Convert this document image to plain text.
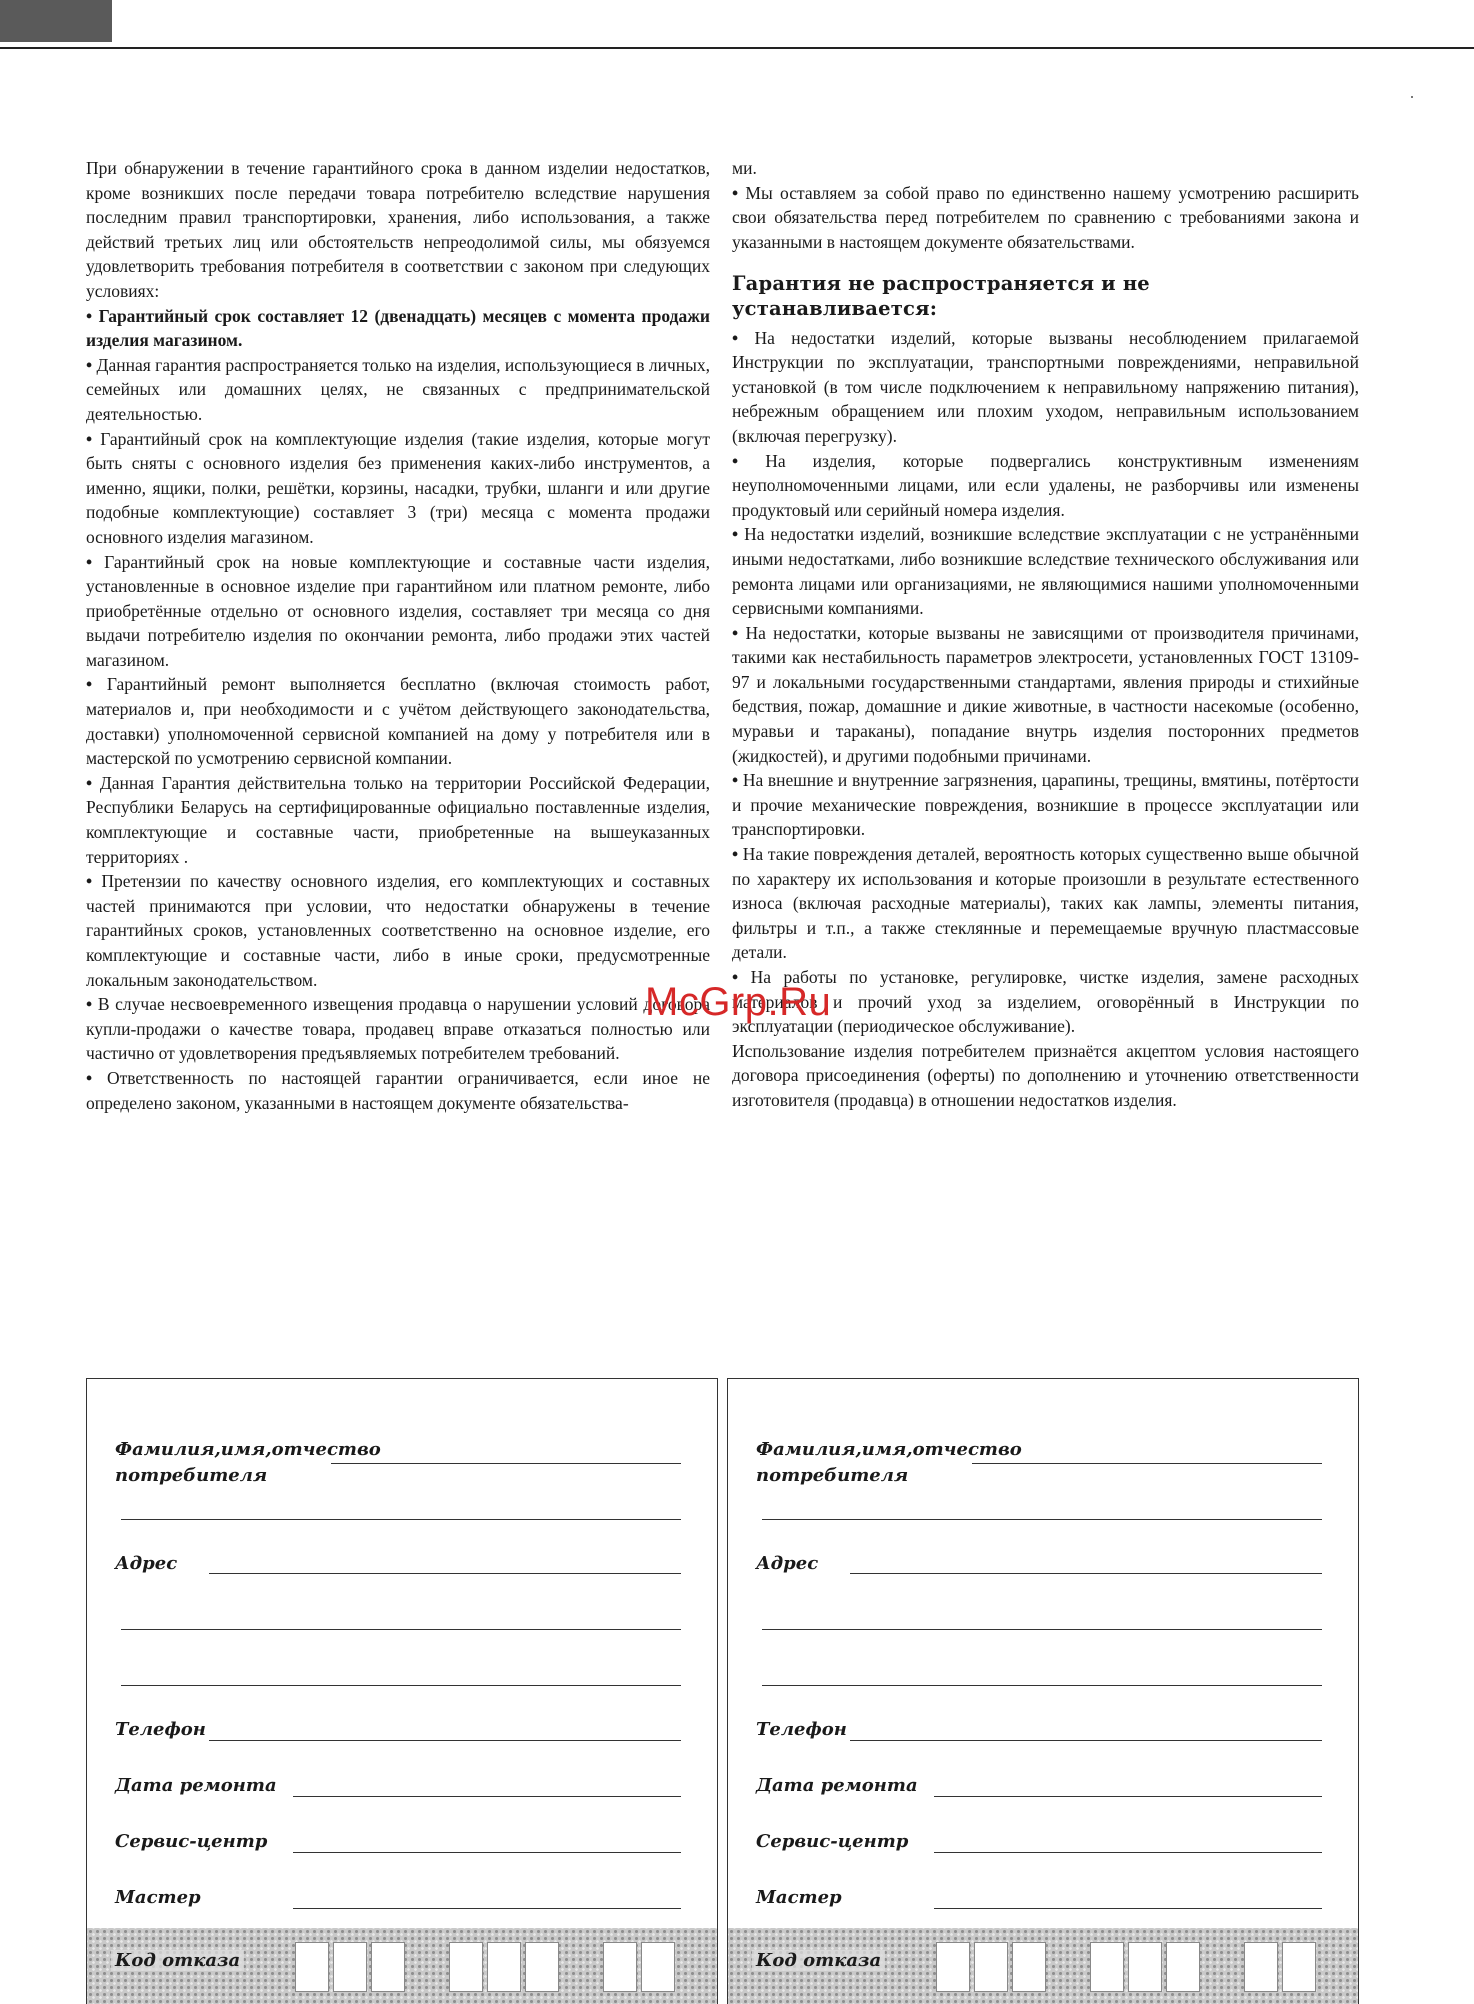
При обнаружении в течение гарантийного срока в данном изделии недостатков, кроме возникших после передачи товара потребителю вследствие нарушения последним правил транспортировки, хранения, либо использования, а также действий третьих лиц или обстоятельств непреодолимой силы, мы обязуемся удовлетворить требования потребителя в соответствии с законом при следующих условиях:

• Гарантийный срок составляет 12 (двенадцать) месяцев с момента продажи изделия магазином.

• Данная гарантия распространяется только на изделия, использующиеся в личных, семейных или домашних целях, не связанных с предпринимательской деятельностью.

• Гарантийный срок на комплектующие изделия (такие изделия, которые могут быть сняты с основного изделия без применения каких-либо инструментов, а именно, ящики, полки, решётки, корзины, насадки, трубки, шланги и или другие подобные комплектующие) составляет 3 (три) месяца с момента продажи основного изделия магазином.

• Гарантийный срок на новые комплектующие и составные части изделия, установленные в основное изделие при гарантийном или платном ремонте, либо приобретённые отдельно от основного изделия, составляет три месяца со дня выдачи потребителю изделия по окончании ремонта, либо продажи этих частей магазином.

• Гарантийный ремонт выполняется бесплатно (включая стоимость работ, материалов и, при необходимости и с учётом действующего законодательства, доставки) уполномоченной сервисной компанией на дому у потребителя или в мастерской по усмотрению сервисной компании.

• Данная Гарантия действительна только на территории Российской Федерации, Республики Беларусь на сертифицированные официально поставленные изделия, комплектующие и составные части, приобретенные на вышеуказанных территориях .

• Претензии по качеству основного изделия, его комплектующих и составных частей принимаются при условии, что недостатки обнаружены в течение гарантийных сроков, установленных соответственно на основное изделие, его комплектующие и составные части, либо в иные сроки, предусмотренные локальным законодательством.

• В случае несвоевременного извещения продавца о нарушении условий договора купли-продажи о качестве товара, продавец вправе отказаться полностью или частично от удовлетворения предъявляемых потребителем требований.

• Ответственность по настоящей гарантии ограничивается, если иное не определено законом, указанными в настоящем документе обязательства-

ми.

• Мы оставляем за собой право по единственно нашему усмотрению расширить свои обязательства перед потребителем по сравнению с требованиями закона и указанными в настоящем документе обязательствами.

Гарантия не распространяется и не устанавливается:

• На недостатки изделий, которые вызваны несоблюдением прилагаемой Инструкции по эксплуатации, транспортными повреждениями, неправильной установкой (в том числе подключением к неправильному напряжению питания), небрежным обращением или плохим уходом, неправильным использованием (включая перегрузку).

• На изделия, которые подвергались конструктивным изменениям неуполномоченными лицами, или если удалены, не разборчивы или изменены продуктовый или серийный номера изделия.

• На недостатки изделий, возникшие вследствие эксплуатации с не устранёнными иными недостатками, либо возникшие вследствие технического обслуживания или ремонта лицами или организациями, не являющимися нашими уполномоченными сервисными компаниями.

• На недостатки, которые вызваны не зависящими от производителя причинами, такими как нестабильность параметров электросети, установленных ГОСТ 13109-97 и локальными государственными стандартами, явления природы и стихийные бедствия, пожар, домашние и дикие животные, в частности насекомые (особенно, муравьи и тараканы), попадание внутрь изделия посторонних предметов (жидкостей), и другими подобными причинами.

• На внешние и внутренние загрязнения, царапины, трещины, вмятины, потёртости и прочие механические повреждения, возникшие в процессе эксплуатации или транспортировки.

• На такие повреждения деталей, вероятность которых существенно выше обычной по характеру их использования и которые произошли в результате естественного износа (включая расходные материалы), таких как лампы, элементы питания, фильтры и т.п., а также стеклянные и перемещаемые вручную пластмассовые детали.

• На работы по установке, регулировке, чистке изделия, замене расходных материалов и прочий уход за изделием, оговорённый в Инструкции по эксплуатации (периодическое обслуживание).

Использование изделия потребителем признаётся акцептом условия настоящего договора присоединения (оферты) по дополнению и уточнению ответственности изготовителя (продавца) в отношении недостатков изделия.

McGrp.Ru
Фамилия,имя,отчество
потребителя
Адрес
Телефон
Дата ремонта
Сервис-центр
Мастер
Код отказа
Фамилия,имя,отчество
потребителя
Адрес
Телефон
Дата ремонта
Сервис-центр
Мастер
Код отказа
